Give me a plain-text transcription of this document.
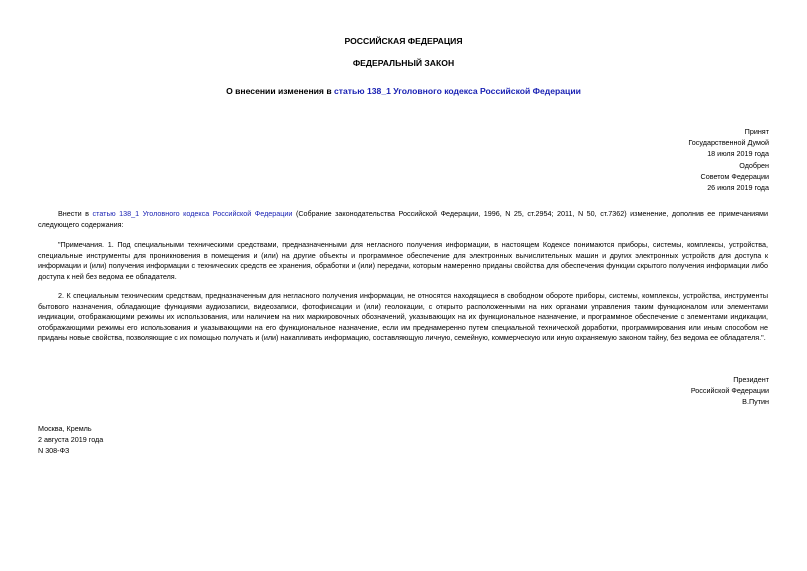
РОССИЙСКАЯ ФЕДЕРАЦИЯ
ФЕДЕРАЛЬНЫЙ ЗАКОН
О внесении изменения в статью 138_1 Уголовного кодекса Российской Федерации
Принят
Государственной Думой
18 июля 2019 года
Одобрен
Советом Федерации
26 июля 2019 года
Внести в статью 138_1 Уголовного кодекса Российской Федерации (Собрание законодательства Российской Федерации, 1996, N 25, ст.2954; 2011, N 50, ст.7362) изменение, дополнив ее примечаниями следующего содержания:
"Примечания. 1. Под специальными техническими средствами, предназначенными для негласного получения информации, в настоящем Кодексе понимаются приборы, системы, комплексы, устройства, специальные инструменты для проникновения в помещения и (или) на другие объекты и программное обеспечение для электронных вычислительных машин и других электронных устройств для доступа к информации и (или) получения информации с технических средств ее хранения, обработки и (или) передачи, которым намеренно приданы свойства для обеспечения функции скрытого получения информации либо доступа к ней без ведома ее обладателя.
2. К специальным техническим средствам, предназначенным для негласного получения информации, не относятся находящиеся в свободном обороте приборы, системы, комплексы, устройства, инструменты бытового назначения, обладающие функциями аудиозаписи, видеозаписи, фотофиксации и (или) геолокации, с открыто расположенными на них органами управления таким функционалом или элементами индикации, отображающими режимы их использования, или наличием на них маркировочных обозначений, указывающих на их функциональное назначение, и программное обеспечение с элементами индикации, отображающими режимы его использования и указывающими на его функциональное назначение, если им преднамеренно путем специальной технической доработки, программирования или иным способом не приданы новые свойства, позволяющие с их помощью получать и (или) накапливать информацию, составляющую личную, семейную, коммерческую или иную охраняемую законом тайну, без ведома ее обладателя.".
Президент
Российской Федерации
В.Путин
Москва, Кремль
2 августа 2019 года
N 308-ФЗ
